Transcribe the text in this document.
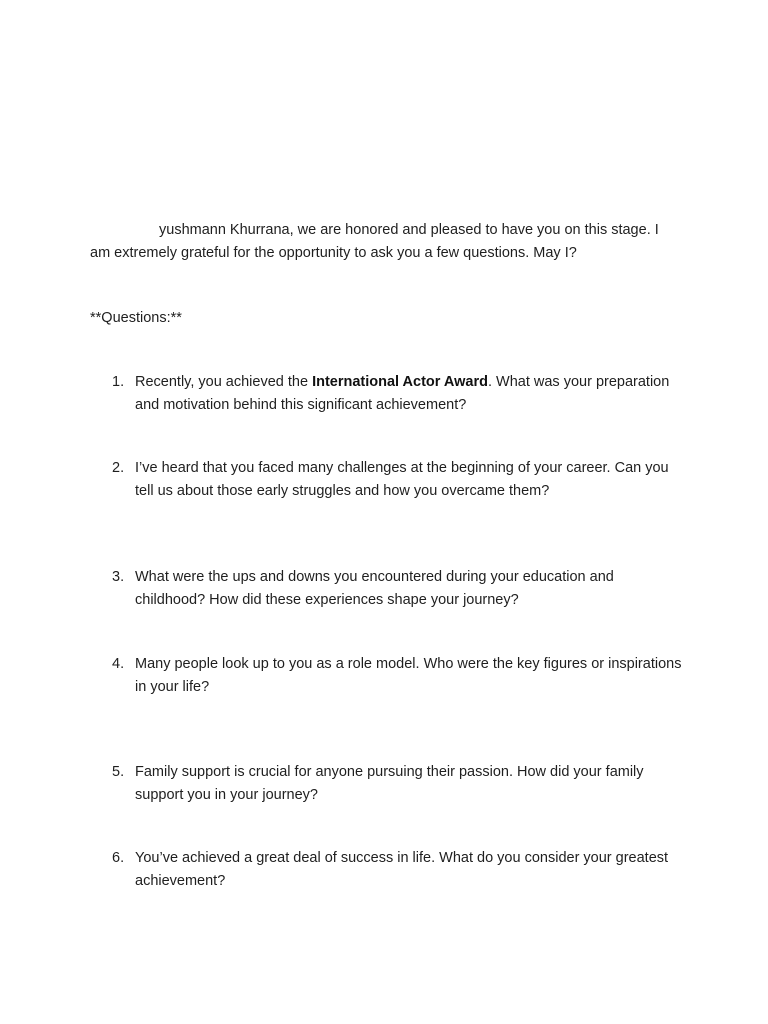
yushmann Khurrana, we are honored and pleased to have you on this stage. I am extremely grateful for the opportunity to ask you a few questions. May I?

**Questions:**

1. Recently, you achieved the International Actor Award. What was your preparation and motivation behind this significant achievement?

2. I’ve heard that you faced many challenges at the beginning of your career. Can you tell us about those early struggles and how you overcame them?

3. What were the ups and downs you encountered during your education and childhood? How did these experiences shape your journey?

4. Many people look up to you as a role model. Who were the key figures or inspirations in your life?

5. Family support is crucial for anyone pursuing their passion. How did your family support you in your journey?

6. You’ve achieved a great deal of success in life. What do you consider your greatest achievement?
